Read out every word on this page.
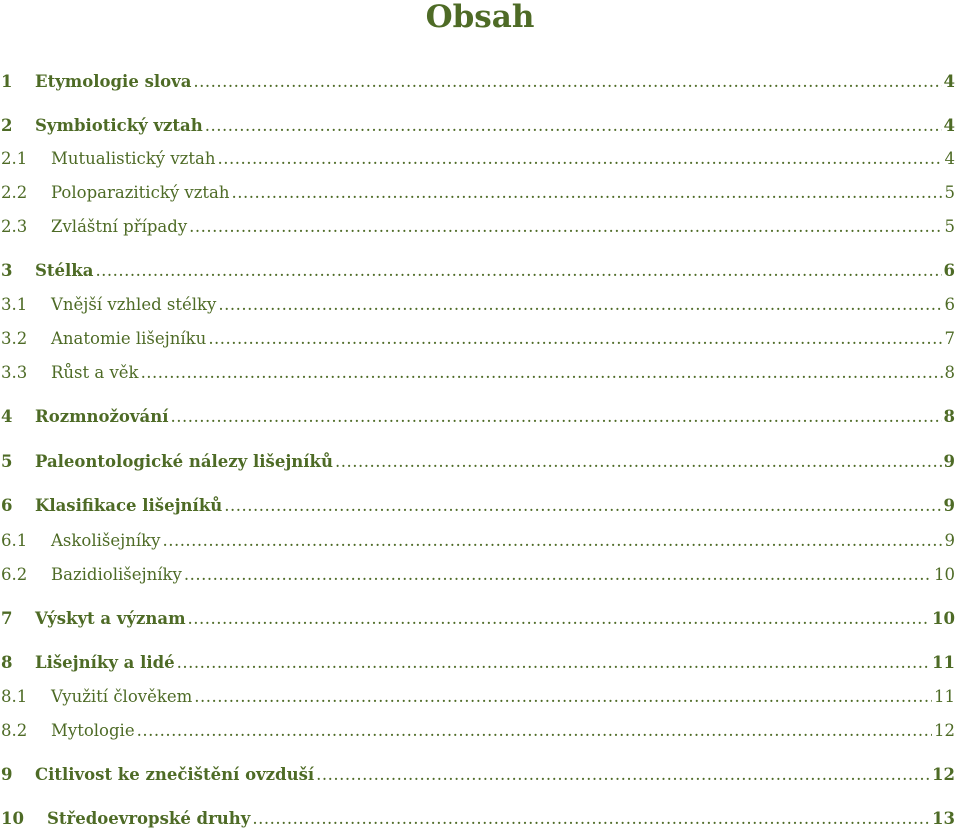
Obsah
1	Etymologie slova .....	4
2	Symbiotický vztah .....	4
2.1	Mutualistický vztah .....	4
2.2	Poloparazitický vztah .....	5
2.3	Zvláštní případy .....	5
3	Stélka .....	6
3.1	Vnější vzhled stélky .....	6
3.2	Anatomie lišejníku .....	7
3.3	Růst a věk .....	8
4	Rozmnožování .....	8
5	Paleontologické nálezy lišejníků .....	9
6	Klasifikace lišejníků .....	9
6.1	Askolišejníky .....	9
6.2	Bazidiolišejníky .....	10
7	Výskyt a význam .....	10
8	Lišejníky a lidé .....	11
8.1	Využití člověkem .....	11
8.2	Mytologie .....	12
9	Citlivost ke znečištění ovzduší .....	12
10	Středoevropské druhy .....	13
